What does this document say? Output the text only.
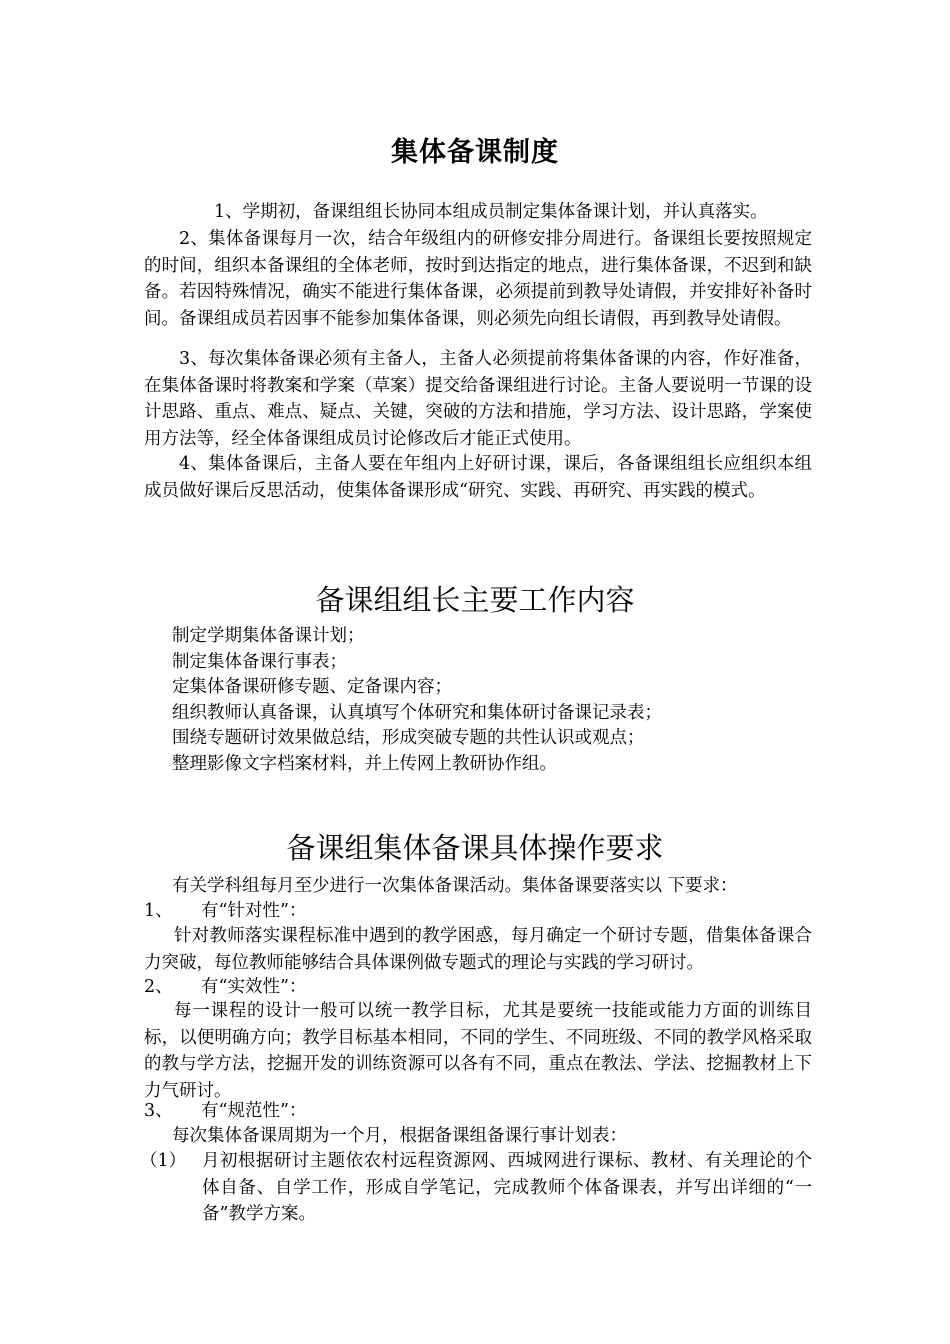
集体备课制度

1、学期初，备课组组长协同本组成员制定集体备课计划，并认真落实。

2、集体备课每月一次，结合年级组内的研修安排分周进行。备课组长要按照规定的时间，组织本备课组的全体老师，按时到达指定的地点，进行集体备课，不迟到和缺备。若因特殊情况，确实不能进行集体备课，必须提前到教导处请假，并安排好补备时间。备课组成员若因事不能参加集体备课，则必须先向组长请假，再到教导处请假。

3、每次集体备课必须有主备人，主备人必须提前将集体备课的内容，作好准备，在集体备课时将教案和学案（草案）提交给备课组进行讨论。主备人要说明一节课的设计思路、重点、难点、疑点、关键，突破的方法和措施，学习方法、设计思路，学案使用方法等，经全体备课组成员讨论修改后才能正式使用。

4、集体备课后，主备人要在年组内上好研讨课，课后，各备课组组长应组织本组成员做好课后反思活动，使集体备课形成“研究、实践、再研究、再实践的模式。

备课组组长主要工作内容
制定学期集体备课计划；
制定集体备课行事表；
定集体备课研修专题、定备课内容；
组织教师认真备课，认真填写个体研究和集体研讨备课记录表；
围绕专题研讨效果做总结，形成突破专题的共性认识或观点；
整理影像文字档案材料，并上传网上教研协作组。
备课组集体备课具体操作要求
有关学科组每月至少进行一次集体备课活动。集体备课要落实以 下要求：
1、 有“针对性”：

针对教师落实课程标准中遇到的教学困惑，每月确定一个研讨专题，借集体备课合力突破，每位教师能够结合具体课例做专题式的理论与实践的学习研讨。

2、 有“实效性”：

每一课程的设计一般可以统一教学目标，尤其是要统一技能或能力方面的训练目标，以便明确方向；教学目标基本相同，不同的学生、不同班级、不同的教学风格采取的教与学方法，挖掘开发的训练资源可以各有不同，重点在教法、学法、挖掘教材上下力气研讨。

3、 有“规范性”：
每次集体备课周期为一个月，根据备课组备课行事计划表：
（1） 月初根据研讨主题依农村远程资源网、西城网进行课标、教材、有关理论的个体自备、自学工作，形成自学笔记，完成教师个体备课表，并写出详细的“一备”教学方案。
